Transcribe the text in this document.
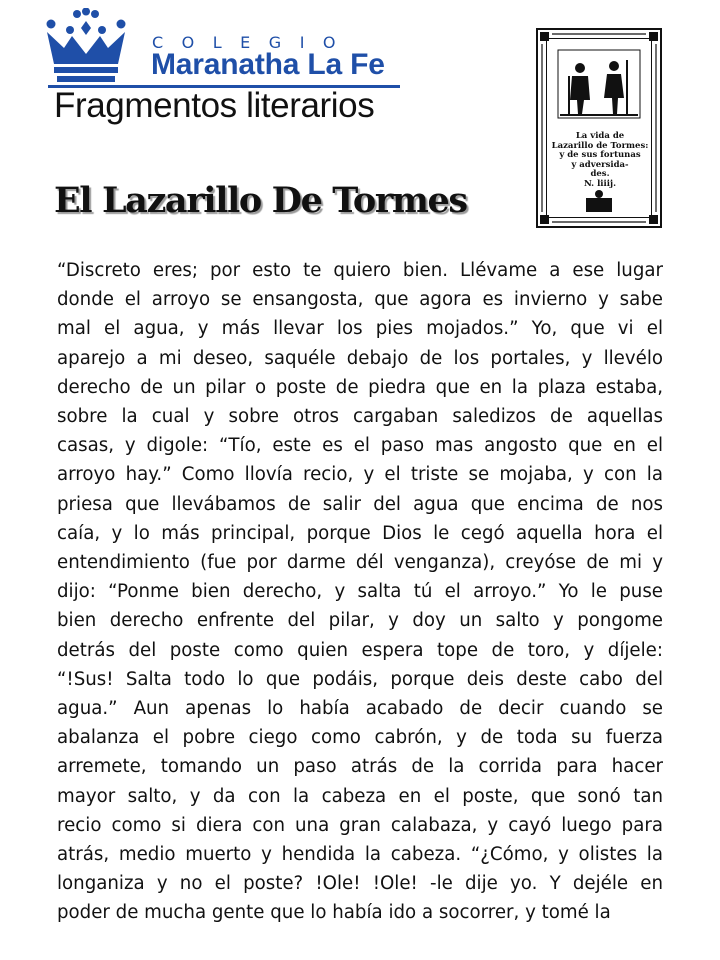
COLEGIO
Maranatha La Fe
Fragmentos literarios
La vida de
Lazarillo de Tormes:
y de sus fortunas
y adversida-
des.
N. liiij.
El Lazarillo De Tormes
“Discreto eres; por esto te quiero bien. Llévame a ese lugar
donde el arroyo se ensangosta, que agora es invierno y sabe
mal el agua, y más llevar los pies mojados.” Yo, que vi el
aparejo a mi deseo, saquéle debajo de los portales, y llevélo
derecho de un pilar o poste de piedra que en la plaza estaba,
sobre la cual y sobre otros cargaban saledizos de aquellas
casas, y digole: “Tío, este es el paso mas angosto que en el
arroyo hay.” Como llovía recio, y el triste se mojaba, y con la
priesa que llevábamos de salir del agua que encima de nos
caía, y lo más principal, porque Dios le cegó aquella hora el
entendimiento (fue por darme dél venganza), creyóse de mi y
dijo: “Ponme bien derecho, y salta tú el arroyo.” Yo le puse
bien derecho enfrente del pilar, y doy un salto y pongome
detrás del poste como quien espera tope de toro, y díjele:
“!Sus! Salta todo lo que podáis, porque deis deste cabo del
agua.” Aun apenas lo había acabado de decir cuando se
abalanza el pobre ciego como cabrón, y de toda su fuerza
arremete, tomando un paso atrás de la corrida para hacer
mayor salto, y da con la cabeza en el poste, que sonó tan
recio como si diera con una gran calabaza, y cayó luego para
atrás, medio muerto y hendida la cabeza. “¿Cómo, y olistes la
longaniza y no el poste? !Ole! !Ole! -le dije yo. Y dejéle en
poder de mucha gente que lo había ido a socorrer, y tomé la
